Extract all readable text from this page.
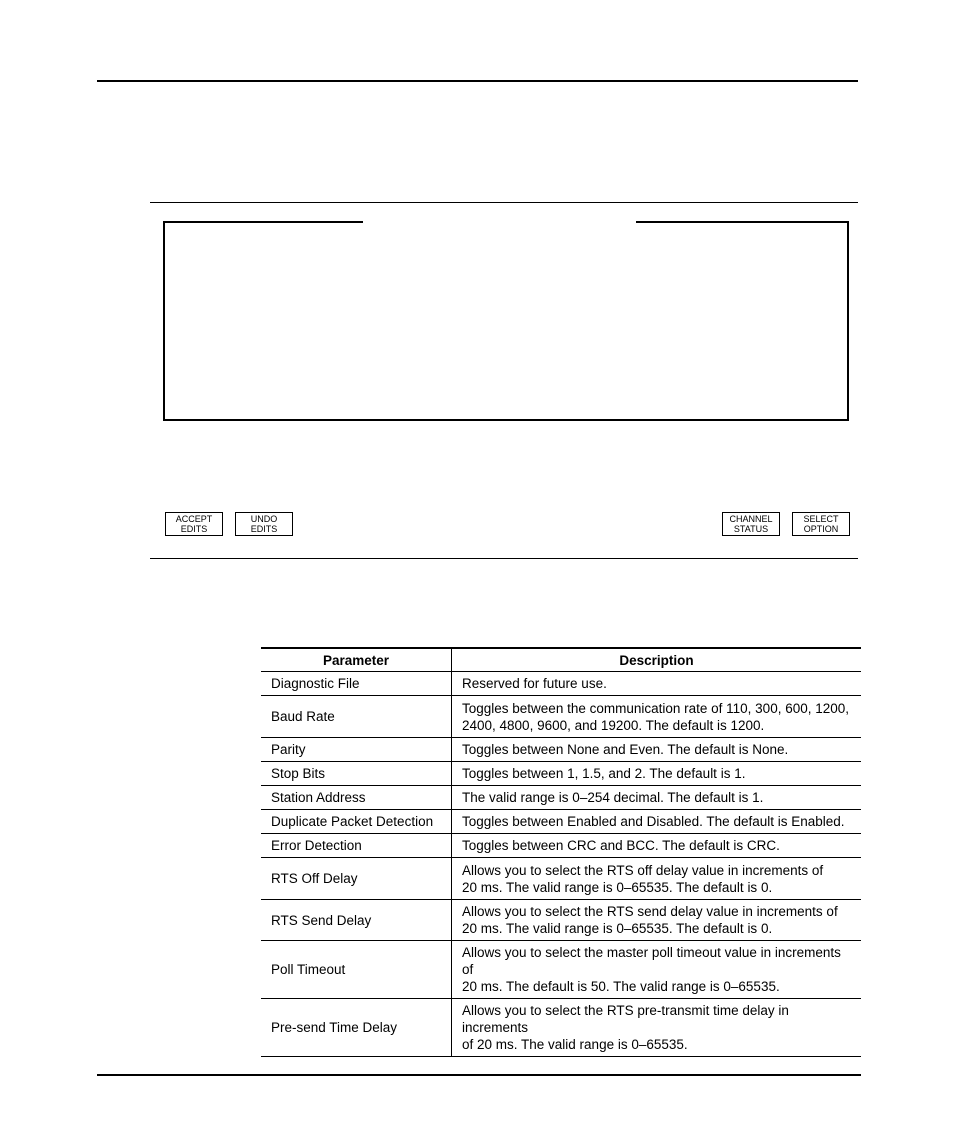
ACCEPT
EDITS
UNDO
EDITS
CHANNEL
STATUS
SELECT
OPTION
Parameter	Description
Diagnostic File	Reserved for future use.

Baud Rate	Toggles between the communication rate of 110, 300, 600, 1200,
2400, 4800, 9600, and 19200. The default is 1200.

Parity	Toggles between None and Even. The default is None.

Stop Bits	Toggles between 1, 1.5, and 2. The default is 1.

Station Address	The valid range is 0–254 decimal. The default is 1.

Duplicate Packet Detection	Toggles between Enabled and Disabled. The default is Enabled.

Error Detection	Toggles between CRC and BCC. The default is CRC.

RTS Off Delay	Allows you to select the RTS off delay value in increments of
20 ms. The valid range is 0–65535. The default is 0.

RTS Send Delay	Allows you to select the RTS send delay value in increments of
20 ms. The valid range is 0–65535. The default is 0.

Poll Timeout	Allows you to select the master poll timeout value in increments of
20 ms. The default is 50. The valid range is 0–65535.

Pre-send Time Delay	Allows you to select the RTS pre-transmit time delay in increments
of 20 ms. The valid range is 0–65535.
